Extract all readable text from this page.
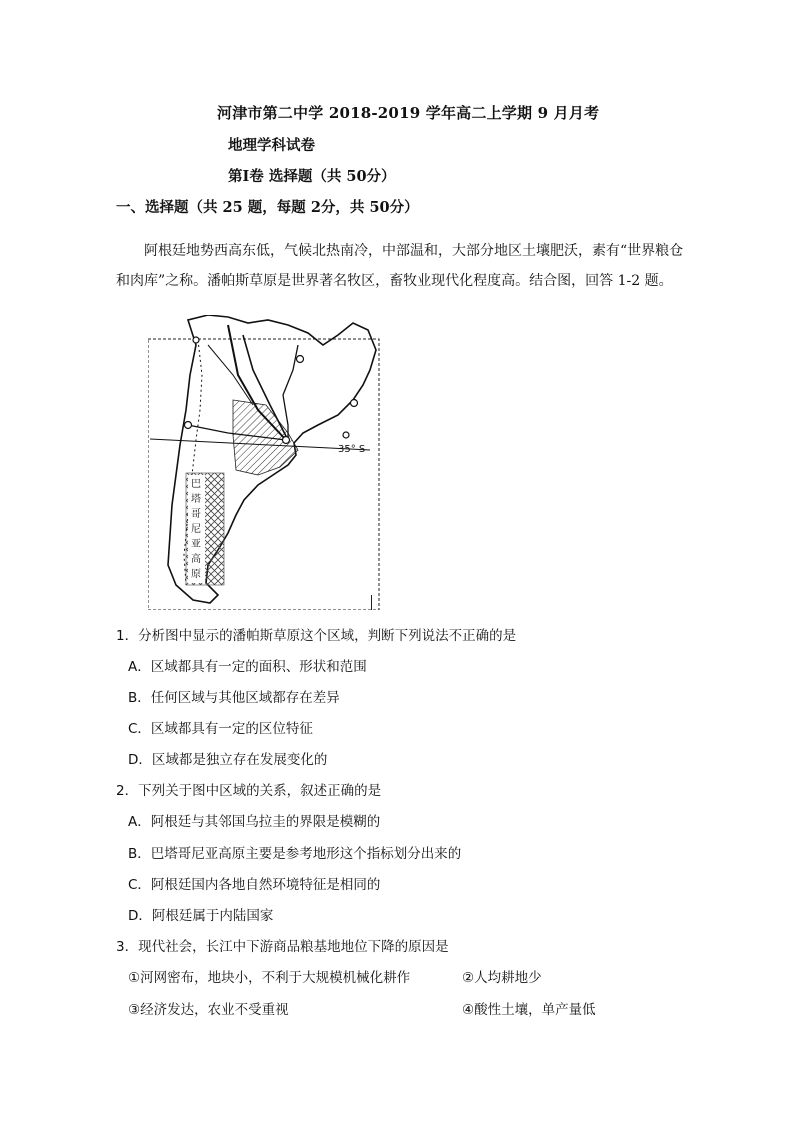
河津市第二中学 2018-2019 学年高二上学期 9 月月考
地理学科试卷
第Ⅰ卷 选择题（共 50分）
一、选择题（共 25 题，每题 2分，共 50分）
阿根廷地势西高东低，气候北热南冷，中部温和，大部分地区土壤肥沃，素有“世界粮仓和肉库”之称。潘帕斯草原是世界著名牧区，畜牧业现代化程度高。结合图，回答 1-2 题。
35° S
巴
塔
哥
尼
亚
高
原
1．分析图中显示的潘帕斯草原这个区域，判断下列说法不正确的是
A．区域都具有一定的面积、形状和范围
B．任何区域与其他区域都存在差异
C．区域都具有一定的区位特征
D．区域都是独立存在发展变化的
2．下列关于图中区域的关系，叙述正确的是
A．阿根廷与其邻国乌拉圭的界限是模糊的
B．巴塔哥尼亚高原主要是参考地形这个指标划分出来的
C．阿根廷国内各地自然环境特征是相同的
D．阿根廷属于内陆国家
3．现代社会，长江中下游商品粮基地地位下降的原因是
①河网密布，地块小，不利于大规模机械化耕作	②人均耕地少
③经济发达，农业不受重视	④酸性土壤，单产量低
